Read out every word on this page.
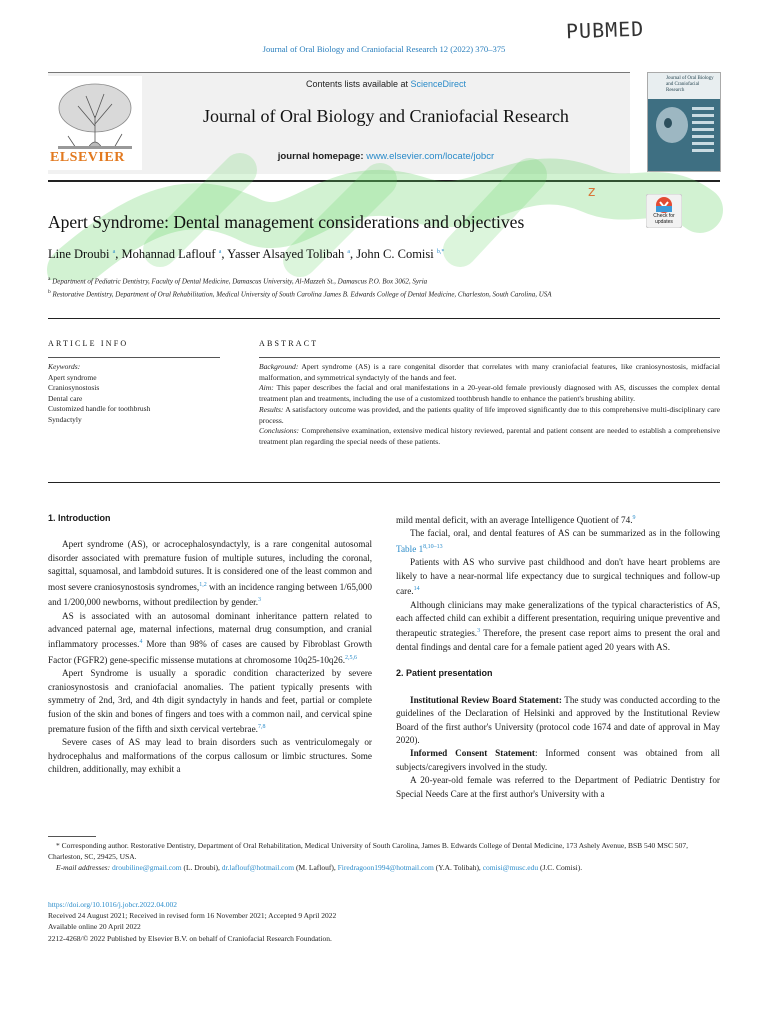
Journal of Oral Biology and Craniofacial Research 12 (2022) 370–375
PUBMED
ELSEVIER
Contents lists available at ScienceDirect
Journal of Oral Biology and Craniofacial Research
journal homepage: www.elsevier.com/locate/jobcr
Journal of Oral Biology and Craniofacial Research
Apert Syndrome: Dental management considerations and objectives
z
Check for updates
Line Droubi $^a$, Mohannad Laflouf $^a$, Yasser Alsayed Tolibah $^a$, John C. Comisi $^{b,*}$

$^a$ Department of Pediatric Dentistry, Faculty of Dental Medicine, Damascus University, Al-Mazzeh St., Damascus P.O. Box 3062, Syria

$^b$ Restorative Dentistry, Department of Oral Rehabilitation, Medical University of South Carolina James B. Edwards College of Dental Medicine, Charleston, South Carolina, USA

ARTICLE INFO	ABSTRACT
Keywords:
Apert syndrome
Craniosynostosis
Dental care
Customized handle for toothbrush
Syndactyly

Background: Apert syndrome (AS) is a rare congenital disorder that correlates with many craniofacial features, like craniosynostosis, midfacial malformation, and symmetrical syndactyly of the hands and feet.

Aim: This paper describes the facial and oral manifestations in a 20-year-old female previously diagnosed with AS, discusses the complex dental treatment plan and treatments, including the use of a customized toothbrush handle to enhance the patient's brushing ability.

Results: A satisfactory outcome was provided, and the patients quality of life improved significantly due to this comprehensive multi-disciplinary care process.

Conclusions: Comprehensive examination, extensive medical history reviewed, parental and patient consent are needed to establish a comprehensive treatment plan regarding the special needs of these patients.

1. Introduction

Apert syndrome (AS), or acrocephalosyndactyly, is a rare congenital autosomal disorder associated with premature fusion of multiple sutures, including the coronal, sagittal, squamosal, and lambdoid sutures. It is considered one of the least common and most severe craniosynostosis syndromes,$^{1,2}$ with an incidence ranging between 1/65,000 and 1/200,000 newborns, without predilection by gender.$^3$

AS is associated with an autosomal dominant inheritance pattern related to advanced paternal age, maternal infections, maternal drug consumption, and cranial inflammatory processes.$^4$ More than 98% of cases are caused by Fibroblast Growth Factor (FGFR2) gene-specific missense mutations at chromosome 10q25-10q26.$^{2,5,6}$

Apert Syndrome is usually a sporadic condition characterized by severe craniosynostosis and craniofacial anomalies. The patient typically presents with symmetry of 2nd, 3rd, and 4th digit syndactyly in hands and feet, partial or complete fusion of the skin and bones of fingers and toes with a common nail, and cervical spine premature fusion of the fifth and sixth cervical vertebrae.$^{7,8}$

Severe cases of AS may lead to brain disorders such as ventriculomegaly or hydrocephalus and malformations of the corpus callosum or limbic structures. Some children, additionally, may exhibit a

mild mental deficit, with an average Intelligence Quotient of 74.$^9$

The facial, oral, and dental features of AS can be summarized as in the following Table 1$^{8,10-13}$

Patients with AS who survive past childhood and don't have heart problems are likely to have a near-normal life expectancy due to surgical techniques and follow-up care.$^{14}$

Although clinicians may make generalizations of the typical characteristics of AS, each affected child can exhibit a different presentation, requiring unique preventive and therapeutic strategies.$^3$ Therefore, the present case report aims to present the oral and dental findings and dental care for a female patient aged 20 years with AS.

2. Patient presentation

Institutional Review Board Statement: The study was conducted according to the guidelines of the Declaration of Helsinki and approved by the Institutional Review Board of the first author's University (protocol code 1674 and date of approval in May 2020).

Informed Consent Statement: Informed consent was obtained from all subjects/caregivers involved in the study.

A 20-year-old female was referred to the Department of Pediatric Dentistry for Special Needs Care at the first author's University with a

* Corresponding author. Restorative Dentistry, Department of Oral Rehabilitation, Medical University of South Carolina, James B. Edwards College of Dental Medicine, 173 Ashely Avenue, BSB 540 MSC 507, Charleston, SC, 29425, USA.

E-mail addresses: droubiline@gmail.com (L. Droubi), dr.laflouf@hotmail.com (M. Laflouf), Firedragoon1994@hotmail.com (Y.A. Tolibah), comisi@musc.edu (J.C. Comisi).

https://doi.org/10.1016/j.jobcr.2022.04.002

Received 24 August 2021; Received in revised form 16 November 2021; Accepted 9 April 2022

Available online 20 April 2022

2212-4268/© 2022 Published by Elsevier B.V. on behalf of Craniofacial Research Foundation.
